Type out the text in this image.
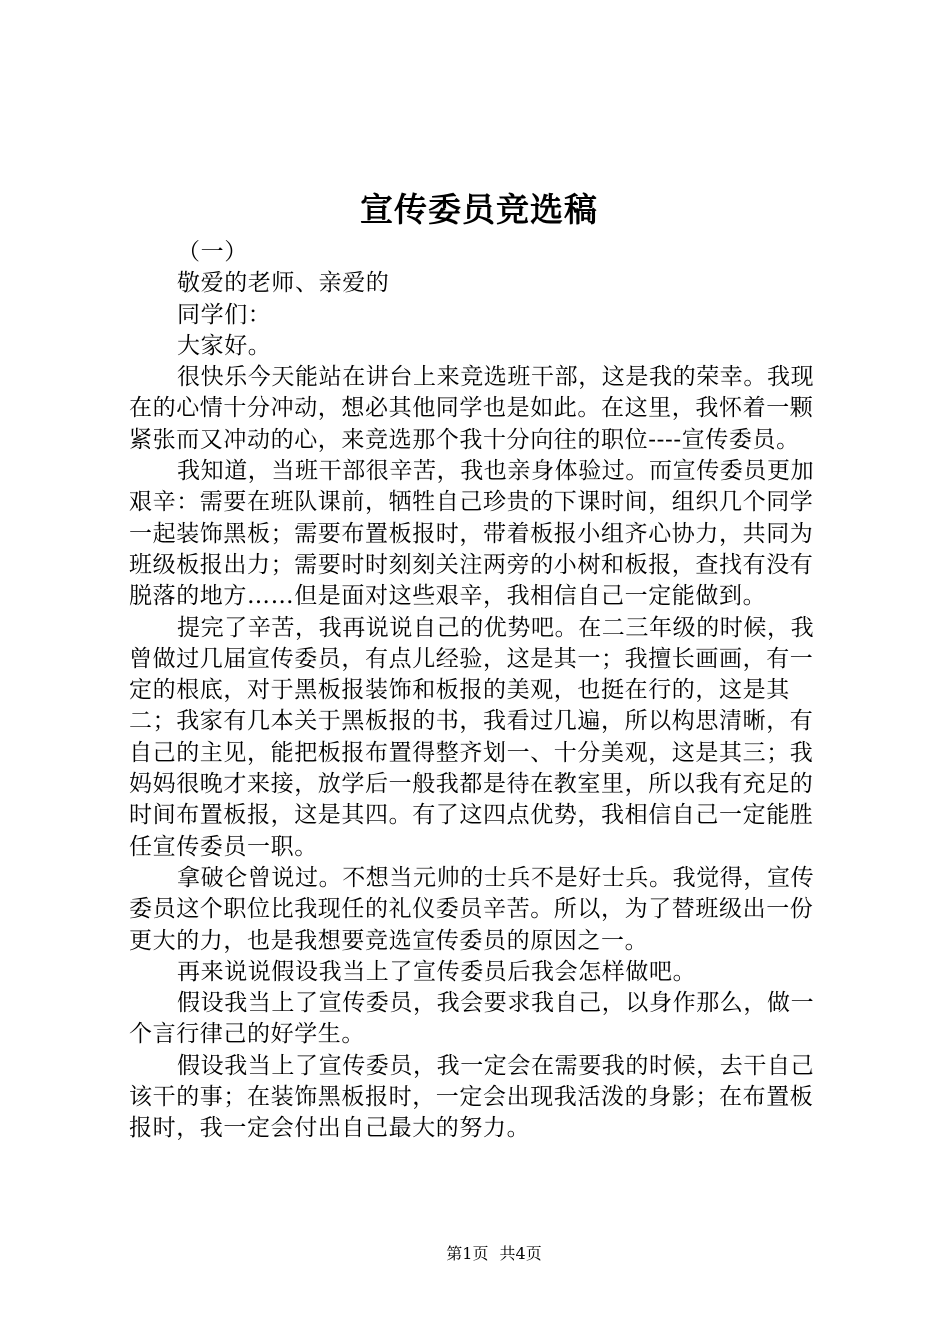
宣传委员竞选稿

（一）

敬爱的老师、亲爱的

同学们：

大家好。

很快乐今天能站在讲台上来竞选班干部，这是我的荣幸。我现在的心情十分冲动，想必其他同学也是如此。在这里，我怀着一颗紧张而又冲动的心，来竞选那个我十分向往的职位----宣传委员。

我知道，当班干部很辛苦，我也亲身体验过。而宣传委员更加艰辛：需要在班队课前，牺牲自己珍贵的下课时间，组织几个同学一起装饰黑板；需要布置板报时，带着板报小组齐心协力，共同为班级板报出力；需要时时刻刻关注两旁的小树和板报，查找有没有脱落的地方……但是面对这些艰辛，我相信自己一定能做到。

提完了辛苦，我再说说自己的优势吧。在二三年级的时候，我曾做过几届宣传委员，有点儿经验，这是其一；我擅长画画，有一定的根底，对于黑板报装饰和板报的美观，也挺在行的，这是其二；我家有几本关于黑板报的书，我看过几遍，所以构思清晰，有自己的主见，能把板报布置得整齐划一、十分美观，这是其三；我妈妈很晚才来接，放学后一般我都是待在教室里，所以我有充足的时间布置板报，这是其四。有了这四点优势，我相信自己一定能胜任宣传委员一职。

拿破仑曾说过。不想当元帅的士兵不是好士兵。我觉得，宣传委员这个职位比我现任的礼仪委员辛苦。所以，为了替班级出一份更大的力，也是我想要竞选宣传委员的原因之一。

再来说说假设我当上了宣传委员后我会怎样做吧。

假设我当上了宣传委员，我会要求我自己，以身作那么，做一个言行律己的好学生。

假设我当上了宣传委员，我一定会在需要我的时候，去干自己该干的事；在装饰黑板报时，一定会出现我活泼的身影；在布置板报时，我一定会付出自己最大的努力。

第1页 共4页
